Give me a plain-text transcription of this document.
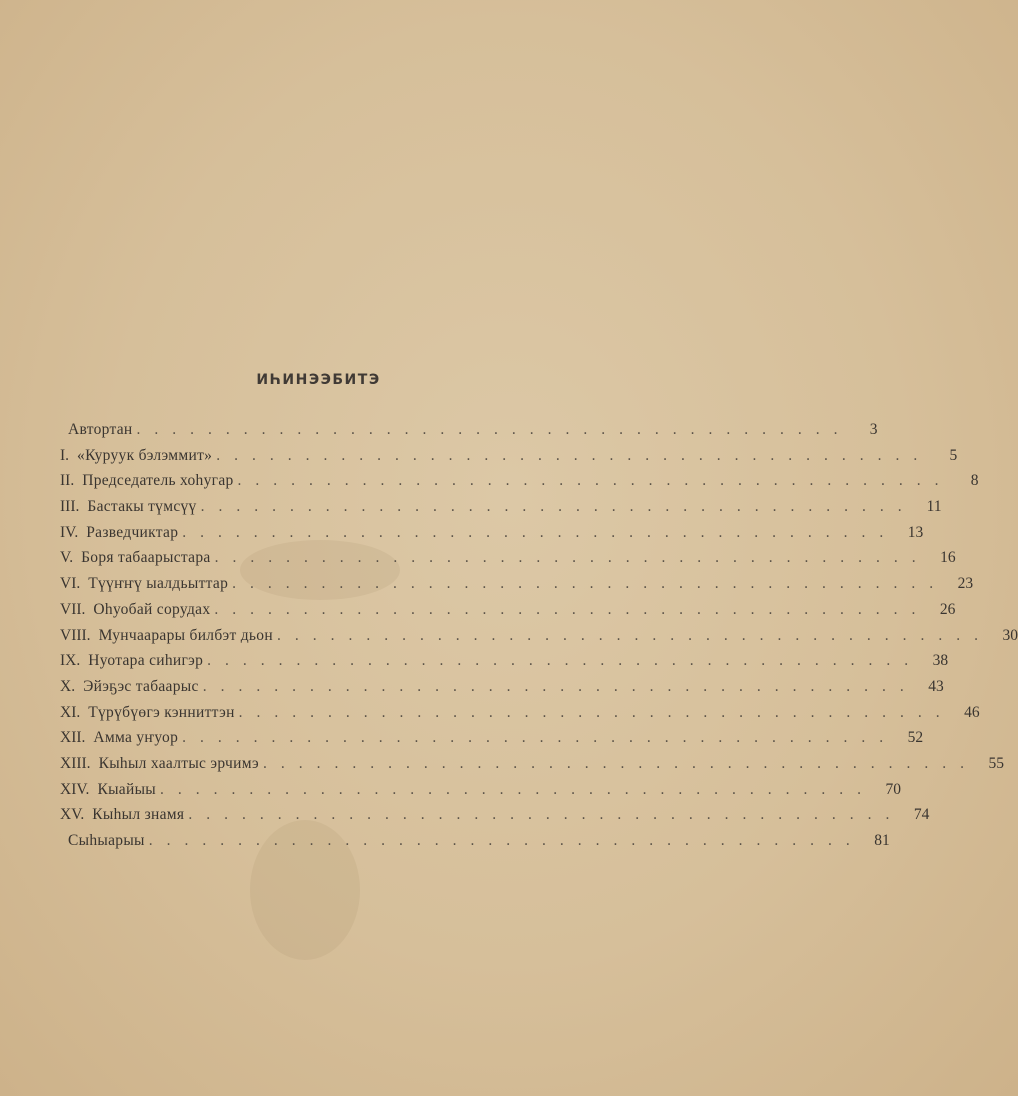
ИҺИНЭЭБИТЭ
Автортан ........................................	3
I. «Куруук бэлэммит» ........................................	5
II. Председатель хоһугар ........................................	8
III. Бастакы түмсүү ........................................ 11
IV. Разведчиктар ........................................ 13
V. Боря табаарыстара ........................................ 16
VI. Түүҥҥү ыалдьыттар ........................................ 23
VII. Оһуобай сорудах ........................................ 26
VIII. Мунчаарары билбэт дьон ........................................ 30
IX. Нуотара сиһигэр ........................................ 38
X. Эйэҕэс табаарыс ........................................ 43
XI. Түрүбүөгэ кэнниттэн ........................................ 46
XII. Амма уҥуор ........................................ 52
XIII. Кыһыл хаалтыс эрчимэ ........................................ 55
XIV. Кыайыы ........................................ 70
XV. Кыһыл знамя ........................................ 74
Сыһыарыы ........................................ 81
